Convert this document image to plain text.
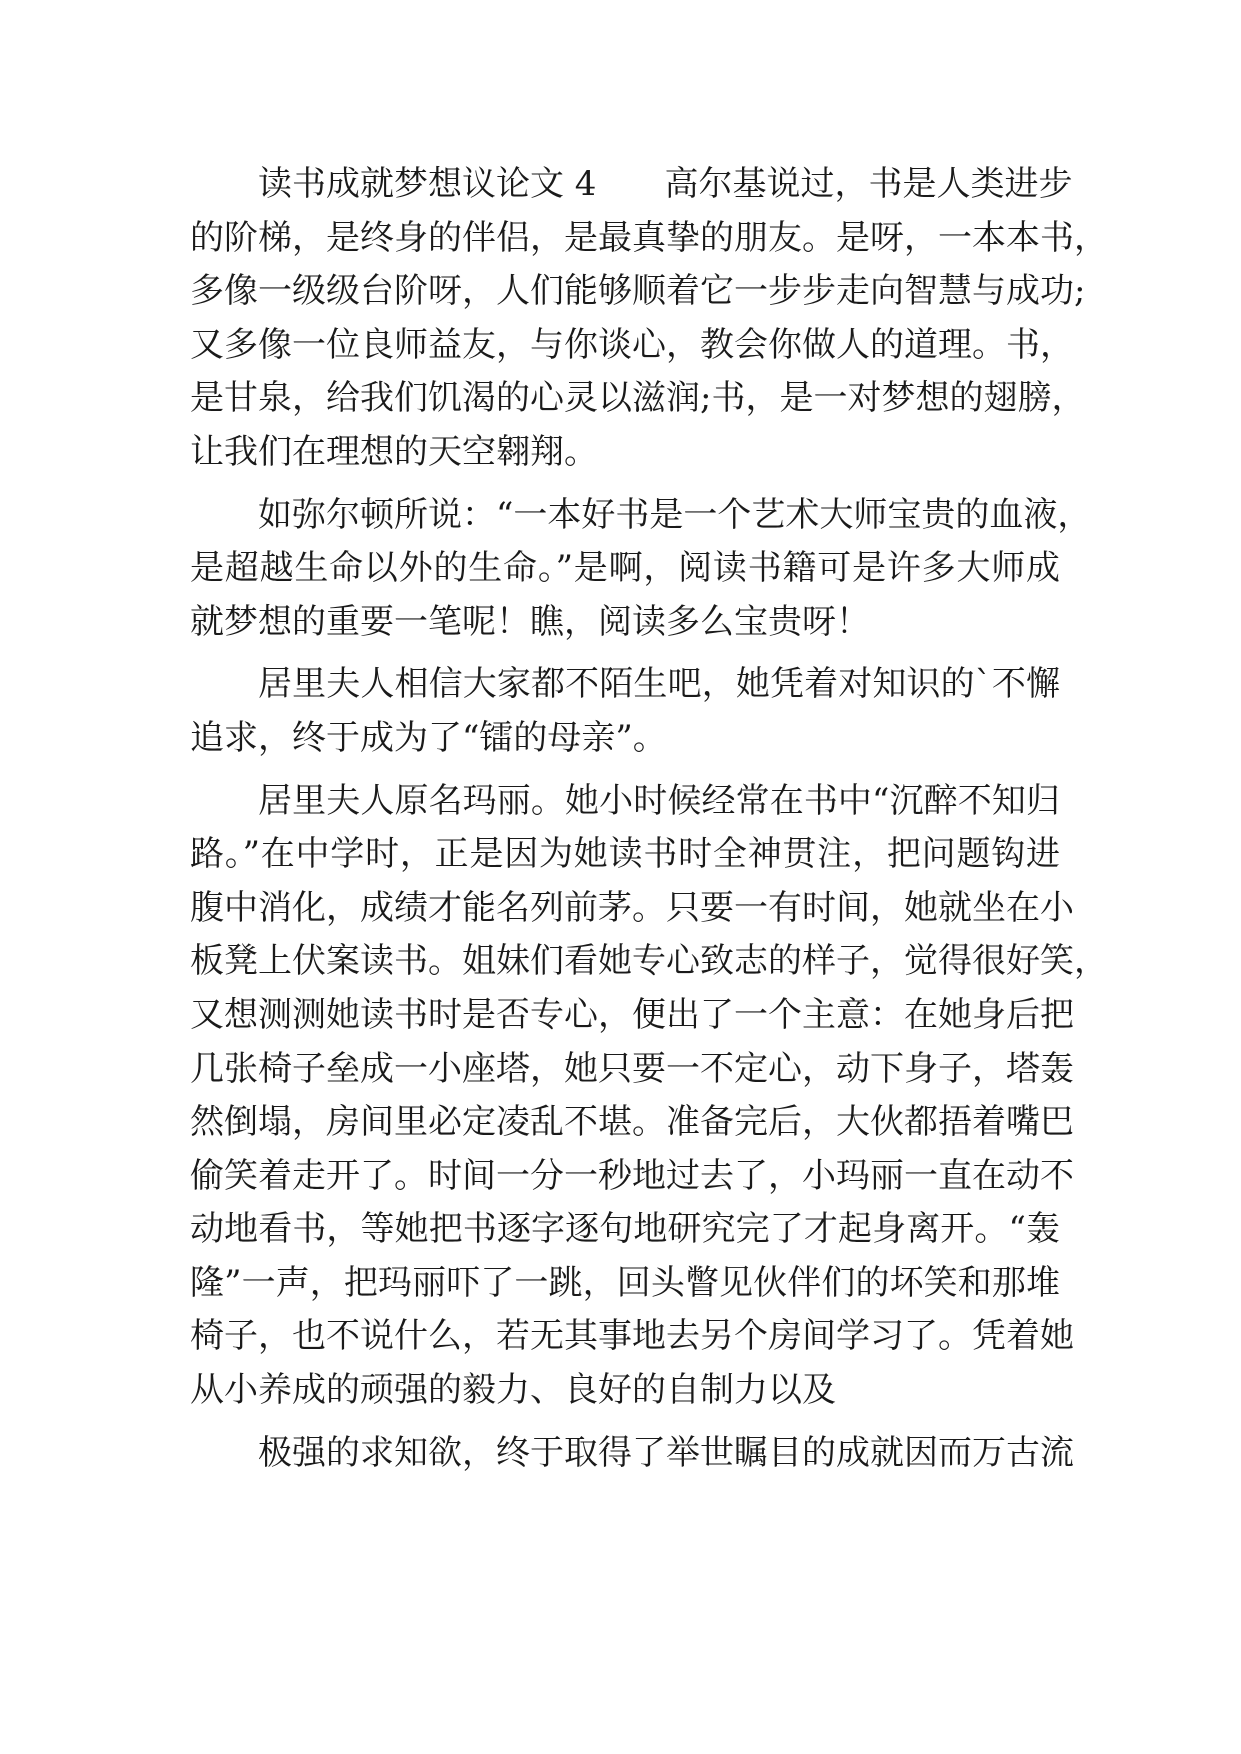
读书成就梦想议论文 4　　高尔基说过，书是人类进步
的阶梯，是终身的伴侣，是最真挚的朋友。是呀，一本本书，
多像一级级台阶呀，人们能够顺着它一步步走向智慧与成功;
又多像一位良师益友，与你谈心，教会你做人的道理。书，
是甘泉，给我们饥渴的心灵以滋润;书，是一对梦想的翅膀，
让我们在理想的天空翱翔。
如弥尔顿所说：“一本好书是一个艺术大师宝贵的血液，
是超越生命以外的生命。”是啊，阅读书籍可是许多大师成
就梦想的重要一笔呢！瞧，阅读多么宝贵呀！
居里夫人相信大家都不陌生吧，她凭着对知识的`不懈
追求，终于成为了“镭的母亲”。
居里夫人原名玛丽。她小时候经常在书中“沉醉不知归
路。”在中学时，正是因为她读书时全神贯注，把问题钩进
腹中消化，成绩才能名列前茅。只要一有时间，她就坐在小
板凳上伏案读书。姐妹们看她专心致志的样子，觉得很好笑，
又想测测她读书时是否专心，便出了一个主意：在她身后把
几张椅子垒成一小座塔，她只要一不定心，动下身子，塔轰
然倒塌，房间里必定凌乱不堪。准备完后，大伙都捂着嘴巴
偷笑着走开了。时间一分一秒地过去了，小玛丽一直在动不
动地看书，等她把书逐字逐句地研究完了才起身离开。“轰
隆”一声，把玛丽吓了一跳，回头瞥见伙伴们的坏笑和那堆
椅子，也不说什么，若无其事地去另个房间学习了。凭着她
从小养成的顽强的毅力、良好的自制力以及
极强的求知欲，终于取得了举世瞩目的成就因而万古流
